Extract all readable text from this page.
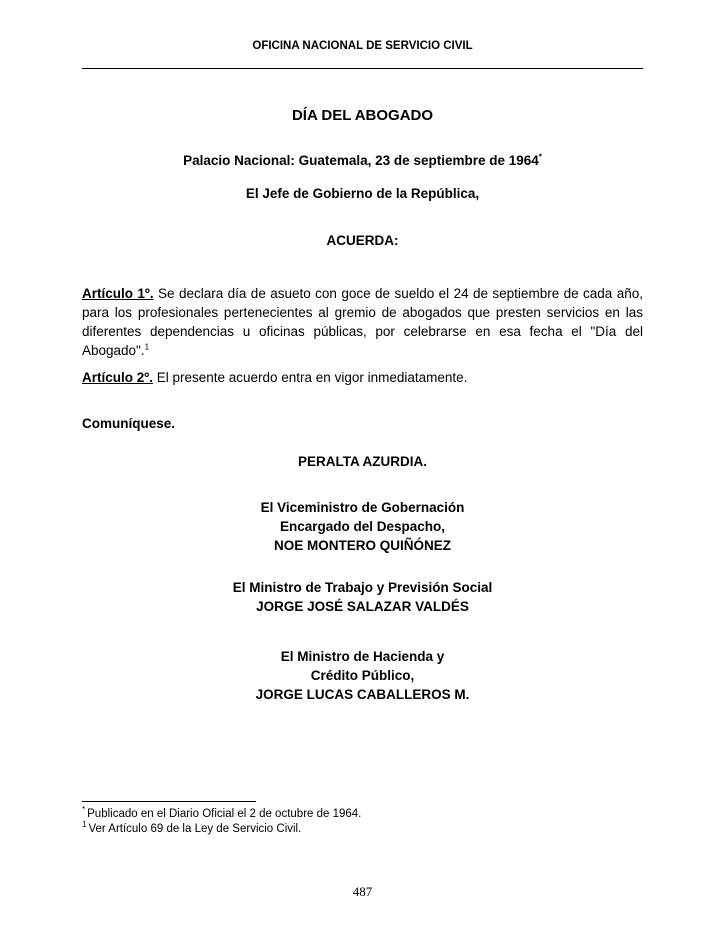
OFICINA NACIONAL DE SERVICIO CIVIL
DÍA DEL ABOGADO
Palacio Nacional: Guatemala, 23 de septiembre de 1964*
El Jefe de Gobierno de la República,
ACUERDA:
Artículo 1º. Se declara día de asueto con goce de sueldo el 24 de septiembre de cada año, para los profesionales pertenecientes al gremio de abogados que presten servicios en las diferentes dependencias u oficinas públicas, por celebrarse en esa fecha el "Día del Abogado".$^1$
Artículo 2º. El presente acuerdo entra en vigor inmediatamente.
Comuníquese.
PERALTA AZURDIA.
El Viceministro de Gobernación
Encargado del Despacho,
NOE MONTERO QUIÑÓNEZ
El Ministro de Trabajo y Previsión Social
JORGE JOSÉ SALAZAR VALDÉS
El Ministro de Hacienda y
Crédito Público,
JORGE LUCAS CABALLEROS M.
* Publicado en el Diario Oficial el 2 de octubre de 1964.
$^1$ Ver Artículo 69 de la Ley de Servicio Civil.
487
